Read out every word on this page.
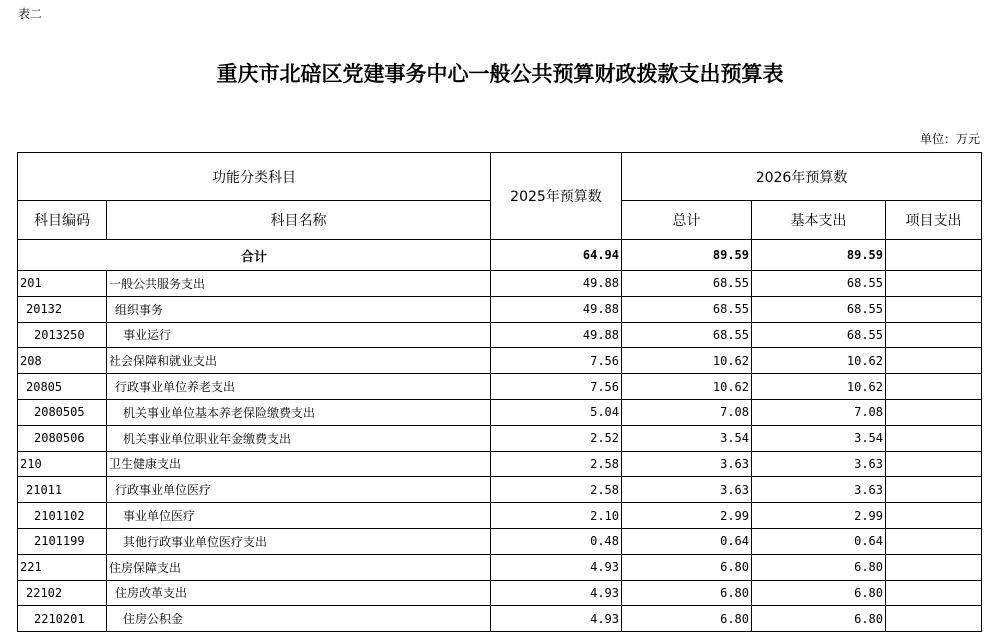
表二
重庆市北碚区党建事务中心一般公共预算财政拨款支出预算表
单位：万元
功能分类科目		2025年预算数	2026年预算数		
科目编码	科目名称		总计	基本支出	项目支出
合计		64.94	89.59	89.59	
201	一般公共服务支出	49.88	68.55	68.55	
20132	组织事务	49.88	68.55	68.55	
2013250	事业运行	49.88	68.55	68.55	
208	社会保障和就业支出	7.56	10.62	10.62	
20805	行政事业单位养老支出	7.56	10.62	10.62	
2080505	机关事业单位基本养老保险缴费支出	5.04	7.08	7.08	
2080506	机关事业单位职业年金缴费支出	2.52	3.54	3.54	
210	卫生健康支出	2.58	3.63	3.63	
21011	行政事业单位医疗	2.58	3.63	3.63	
2101102	事业单位医疗	2.10	2.99	2.99	
2101199	其他行政事业单位医疗支出	0.48	0.64	0.64	
221	住房保障支出	4.93	6.80	6.80	
22102	住房改革支出	4.93	6.80	6.80	
2210201	住房公积金	4.93	6.80	6.80	
